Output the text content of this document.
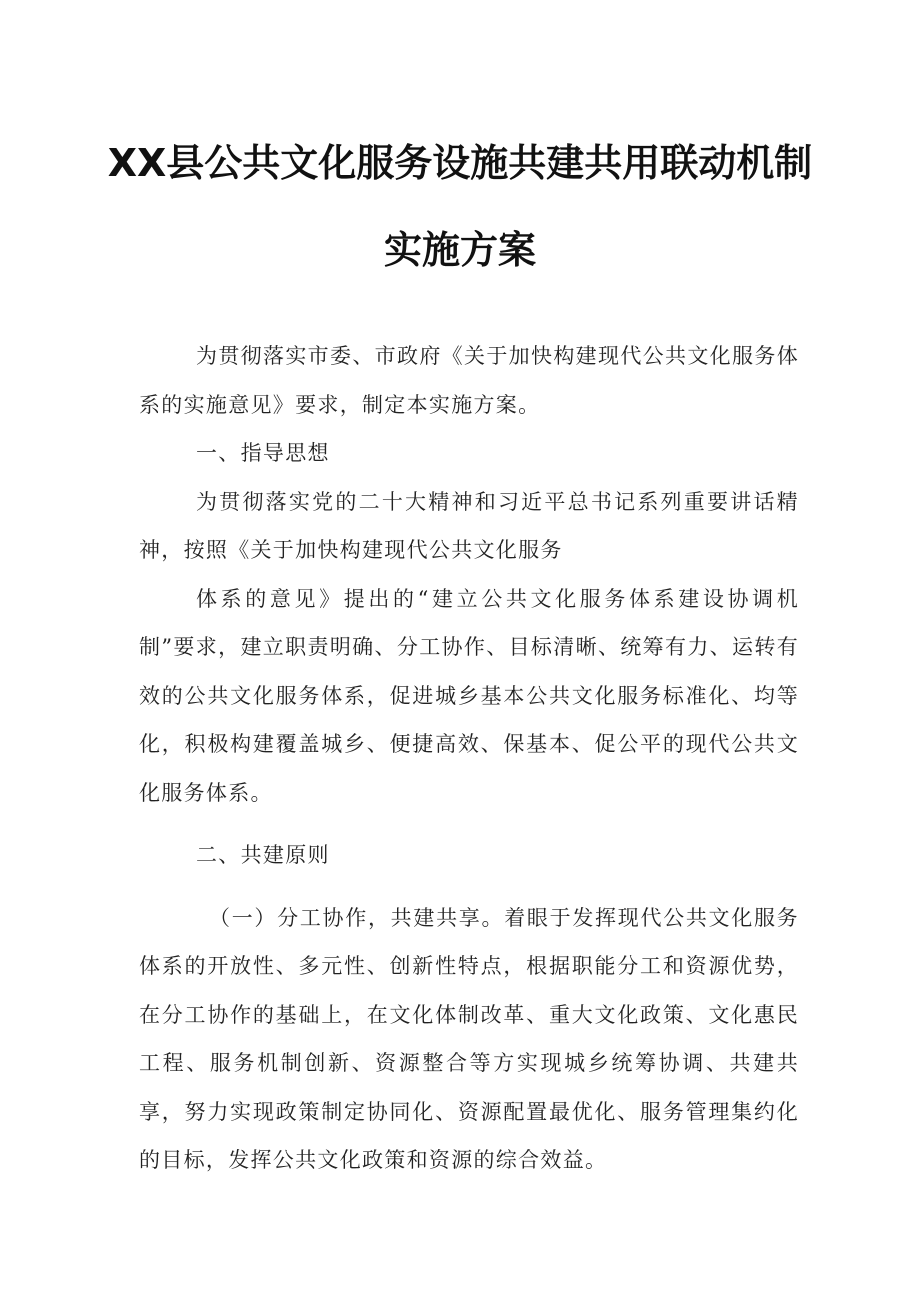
XX县公共文化服务设施共建共用联动机制
实施方案

为贯彻落实市委、市政府《关于加快构建现代公共文化服务体系的实施意见》要求，制定本实施方案。

一、指导思想

为贯彻落实党的二十大精神和习近平总书记系列重要讲话精神，按照《关于加快构建现代公共文化服务

体系的意见》提出的“建立公共文化服务体系建设协调机制”要求，建立职责明确、分工协作、目标清晰、统筹有力、运转有效的公共文化服务体系，促进城乡基本公共文化服务标准化、均等化，积极构建覆盖城乡、便捷高效、保基本、促公平的现代公共文化服务体系。

二、共建原则

（一）分工协作，共建共享。着眼于发挥现代公共文化服务体系的开放性、多元性、创新性特点，根据职能分工和资源优势，在分工协作的基础上，在文化体制改革、重大文化政策、文化惠民工程、服务机制创新、资源整合等方实现城乡统筹协调、共建共享，努力实现政策制定协同化、资源配置最优化、服务管理集约化的目标，发挥公共文化政策和资源的综合效益。
